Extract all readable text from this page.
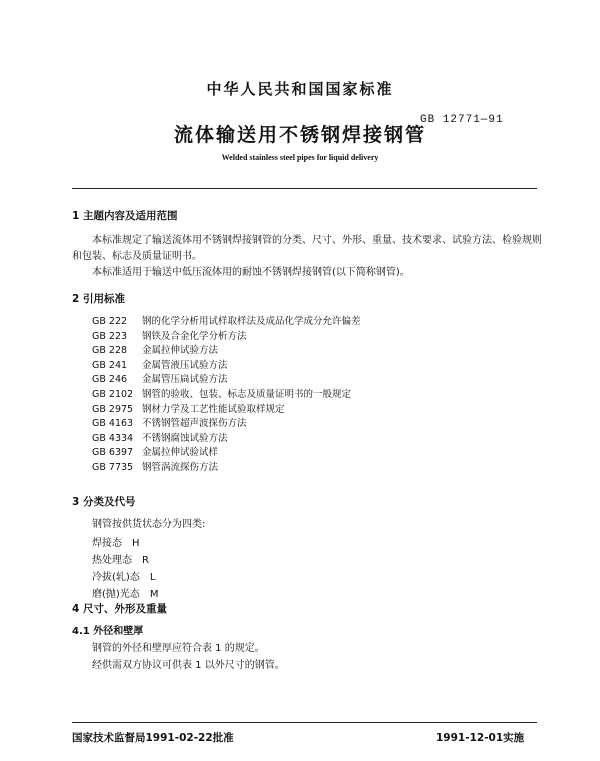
中华人民共和国国家标准
GB 12771—91
流体输送用不锈钢焊接钢管
Welded stainless steel pipes for liquid delivery
1 主题内容及适用范围
本标准规定了输送流体用不锈钢焊接钢管的分类、尺寸、外形、重量、技术要求、试验方法、检验规则和包装、标志及质量证明书。
本标准适用于输送中低压流体用的耐蚀不锈钢焊接钢管(以下简称钢管)。
2 引用标准
GB 222 钢的化学分析用试样取样法及成品化学成分允许偏差
GB 223 钢铁及合金化学分析方法
GB 228 金属拉伸试验方法
GB 241 金属管液压试验方法
GB 246 金属管压扁试验方法
GB 2102 钢管的验收、包装、标志及质量证明书的一般规定
GB 2975 钢材力学及工艺性能试验取样规定
GB 4163 不锈钢管超声波探伤方法
GB 4334 不锈钢腐蚀试验方法
GB 6397 金属拉伸试验试样
GB 7735 钢管涡流探伤方法
3 分类及代号
钢管按供货状态分为四类:
焊接态 H
热处理态 R
冷拔(轧)态 L
磨(抛)光态 M
4 尺寸、外形及重量
4.1 外径和壁厚
钢管的外径和壁厚应符合表 1 的规定。
经供需双方协议可供表 1 以外尺寸的钢管。
国家技术监督局1991-02-22批准	1991-12-01实施
